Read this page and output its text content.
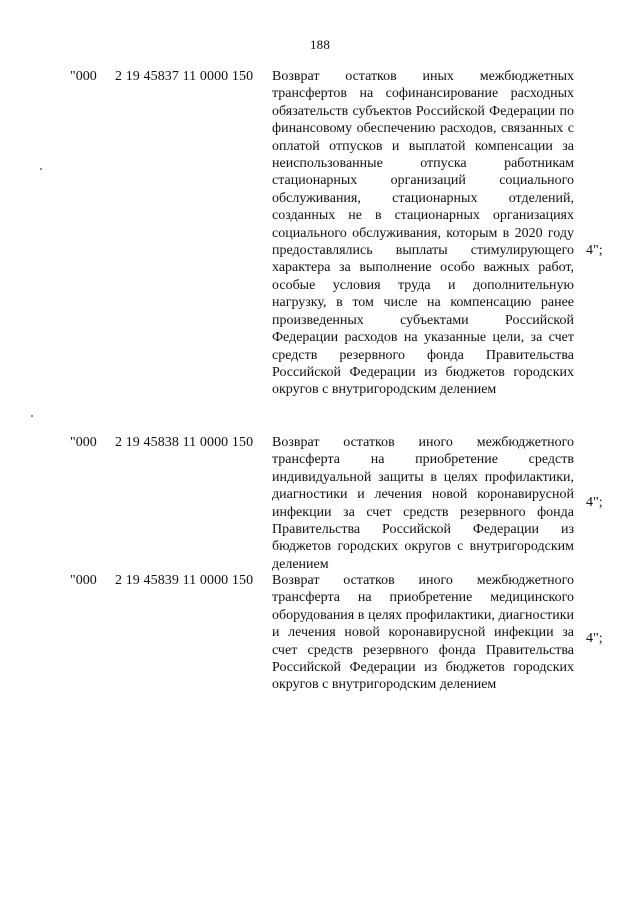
188
"000 2 19 45837 11 0000 150 Возврат остатков иных межбюджетных трансфертов на софинансирование расходных обязательств субъектов Российской Федерации по финансовому обеспечению расходов, связанных с оплатой отпусков и выплатой компенсации за неиспользованные отпуска работникам стационарных организаций социального обслуживания, стационарных отделений, созданных не в стационарных организациях социального обслуживания, которым в 2020 году предоставлялись выплаты стимулирующего характера за выполнение особо важных работ, особые условия труда и дополнительную нагрузку, в том числе на компенсацию ранее произведенных субъектами Российской Федерации расходов на указанные цели, за счет средств резервного фонда Правительства Российской Федерации из бюджетов городских округов с внутригородским делением
4";
"000 2 19 45838 11 0000 150 Возврат остатков иного межбюджетного трансферта на приобретение средств индивидуальной защиты в целях профилактики, диагностики и лечения новой коронавирусной инфекции за счет средств резервного фонда Правительства Российской Федерации из бюджетов городских округов с внутригородским делением
4";
"000 2 19 45839 11 0000 150 Возврат остатков иного межбюджетного трансферта на приобретение медицинского оборудования в целях профилактики, диагностики и лечения новой коронавирусной инфекции за счет средств резервного фонда Правительства Российской Федерации из бюджетов городских округов с внутригородским делением
4";
